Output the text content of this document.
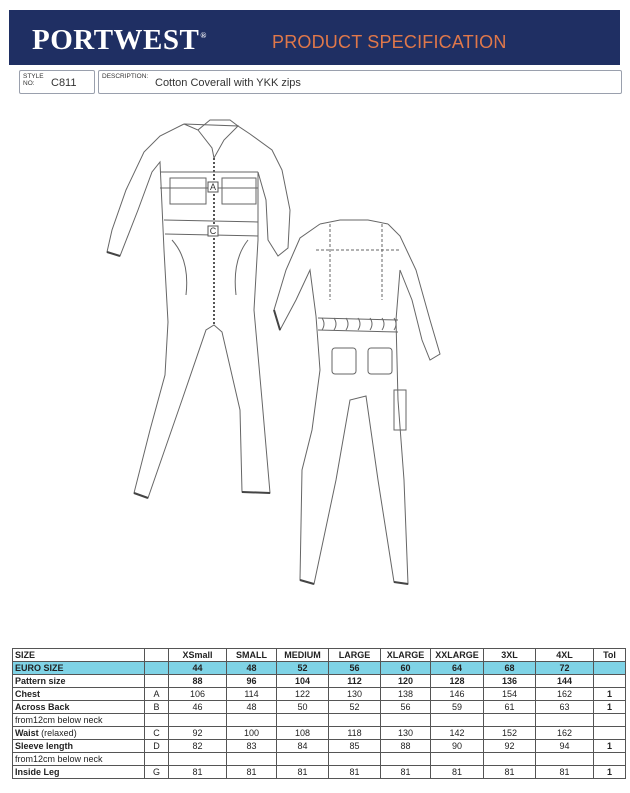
PORTWEST®	PRODUCT SPECIFICATION
STYLE
NO:	C811
DESCRIPTION:
Cotton Coverall with YKK zips
A
C
SIZE		XSmall	SMALL	MEDIUM	LARGE	XLARGE	XXLARGE	3XL	4XL	Tol
EURO SIZE		44	48	52	56	60	64	68	72	
Pattern size		88	96	104	112	120	128	136	144	
Chest	A	106	114	122	130	138	146	154	162	1
Across Back	B	46	48	50	52	56	59	61	63	1
from12cm below neck										
Waist (relaxed)	C	92	100	108	118	130	142	152	162	
Sleeve length	D	82	83	84	85	88	90	92	94	1
from12cm below neck										
Inside Leg	G	81	81	81	81	81	81	81	81	1
